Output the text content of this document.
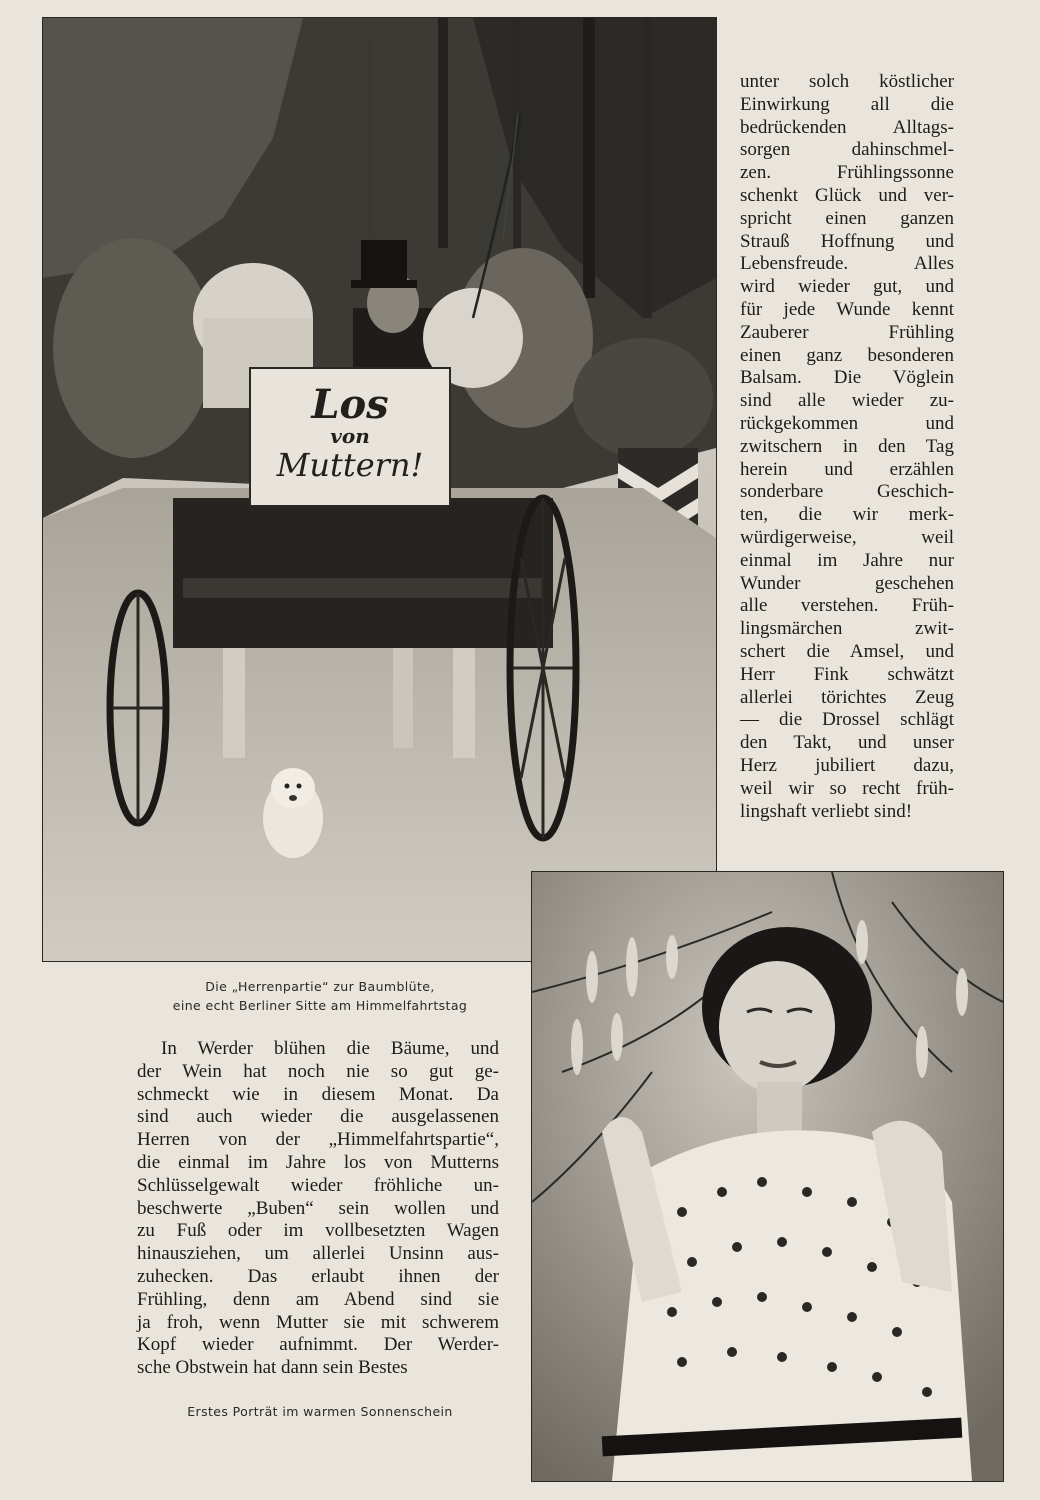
Los
von
Muttern!
unter solch köstlicher
Einwirkung all die
bedrückenden Alltags-
sorgen dahinschmel-
zen. Frühlingssonne
schenkt Glück und ver-
spricht einen ganzen
Strauß Hoffnung und
Lebensfreude. Alles
wird wieder gut, und
für jede Wunde kennt
Zauberer Frühling
einen ganz besonderen
Balsam. Die Vöglein
sind alle wieder zu-
rückgekommen und
zwitschern in den Tag
herein und erzählen
sonderbare Geschich-
ten, die wir merk-
würdigerweise, weil
einmal im Jahre nur
Wunder geschehen
alle verstehen. Früh-
lingsmärchen zwit-
schert die Amsel, und
Herr Fink schwätzt
allerlei törichtes Zeug
— die Drossel schlägt
den Takt, und unser
Herz jubiliert dazu,
weil wir so recht früh-
lingshaft verliebt sind!
Die „Herrenpartie“ zur Baumblüte,
eine echt Berliner Sitte am Himmelfahrtstag
In Werder blühen die Bäume, und
der Wein hat noch nie so gut ge-
schmeckt wie in diesem Monat. Da
sind auch wieder die ausgelassenen
Herren von der „Himmelfahrtspartie“,
die einmal im Jahre los von Mutterns
Schlüsselgewalt wieder fröhliche un-
beschwerte „Buben“ sein wollen und
zu Fuß oder im vollbesetzten Wagen
hinausziehen, um allerlei Unsinn aus-
zuhecken. Das erlaubt ihnen der
Frühling, denn am Abend sind sie
ja froh, wenn Mutter sie mit schwerem
Kopf wieder aufnimmt. Der Werder-
sche Obstwein hat dann sein Bestes
Erstes Porträt im warmen Sonnenschein
